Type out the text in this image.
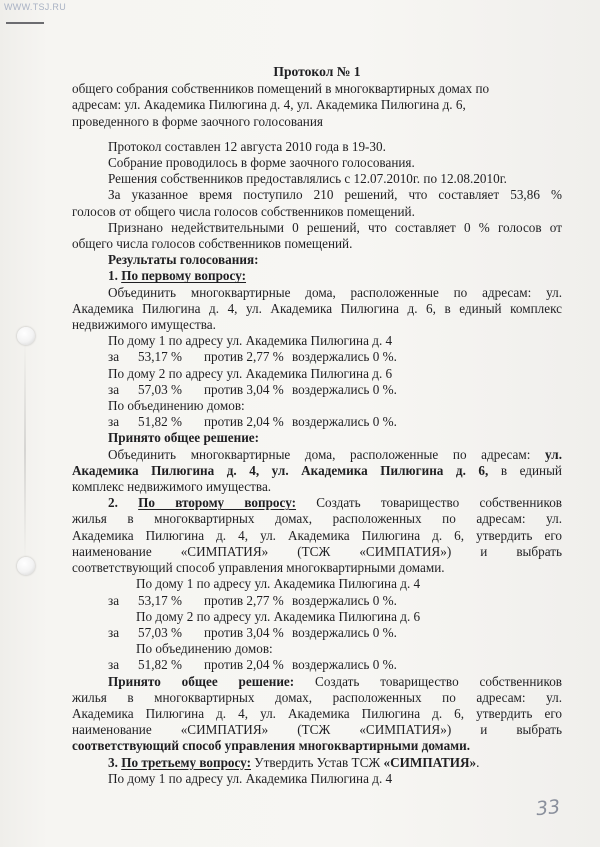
WWW.TSJ.RU
33

Протокол № 1

общего собрания собственников помещений в многоквартирных домах по

адресам: ул. Академика Пилюгина д. 4, ул. Академика Пилюгина д. 6,

проведенного в форме заочного голосования

Протокол составлен 12 августа 2010 года в 19-30.

Собрание проводилось в форме заочного голосования.

Решения собственников предоставлялись с 12.07.2010г. по 12.08.2010г.

За указанное время поступило 210 решений, что составляет 53,86 %

голосов от общего числа голосов собственников помещений.

Признано недействительными 0 решений, что составляет 0 % голосов от

общего числа голосов собственников помещений.

Результаты голосования:

1. По первому вопросу:

Объединить многоквартирные дома, расположенные по адресам: ул.

Академика Пилюгина д. 4, ул. Академика Пилюгина д. 6, в единый комплекс

недвижимого имущества.

По дому 1 по адресу ул. Академика Пилюгина д. 4

за 53,17 % против 2,77 % воздержались 0 %.

По дому 2 по адресу ул. Академика Пилюгина д. 6

за 57,03 % против 3,04 % воздержались 0 %.

По объединению домов:

за 51,82 % против 2,04 % воздержались 0 %.

Принято общее решение:

Объединить многоквартирные дома, расположенные по адресам: ул.

Академика Пилюгина д. 4, ул. Академика Пилюгина д. 6, в единый

комплекс недвижимого имущества.

2. По второму вопросу: Создать товарищество собственников

жилья в многоквартирных домах, расположенных по адресам: ул.

Академика Пилюгина д. 4, ул. Академика Пилюгина д. 6, утвердить его

наименование «СИМПАТИЯ» (ТСЖ «СИМПАТИЯ») и выбрать

соответствующий способ управления многоквартирными домами.

По дому 1 по адресу ул. Академика Пилюгина д. 4

за 53,17 % против 2,77 % воздержались 0 %.

По дому 2 по адресу ул. Академика Пилюгина д. 6

за 57,03 % против 3,04 % воздержались 0 %.

По объединению домов:

за 51,82 % против 2,04 % воздержались 0 %.

Принято общее решение: Создать товарищество собственников

жилья в многоквартирных домах, расположенных по адресам: ул.

Академика Пилюгина д. 4, ул. Академика Пилюгина д. 6, утвердить его

наименование «СИМПАТИЯ» (ТСЖ «СИМПАТИЯ») и выбрать

соответствующий способ управления многоквартирными домами.

3. По третьему вопросу: Утвердить Устав ТСЖ «СИМПАТИЯ».

По дому 1 по адресу ул. Академика Пилюгина д. 4
